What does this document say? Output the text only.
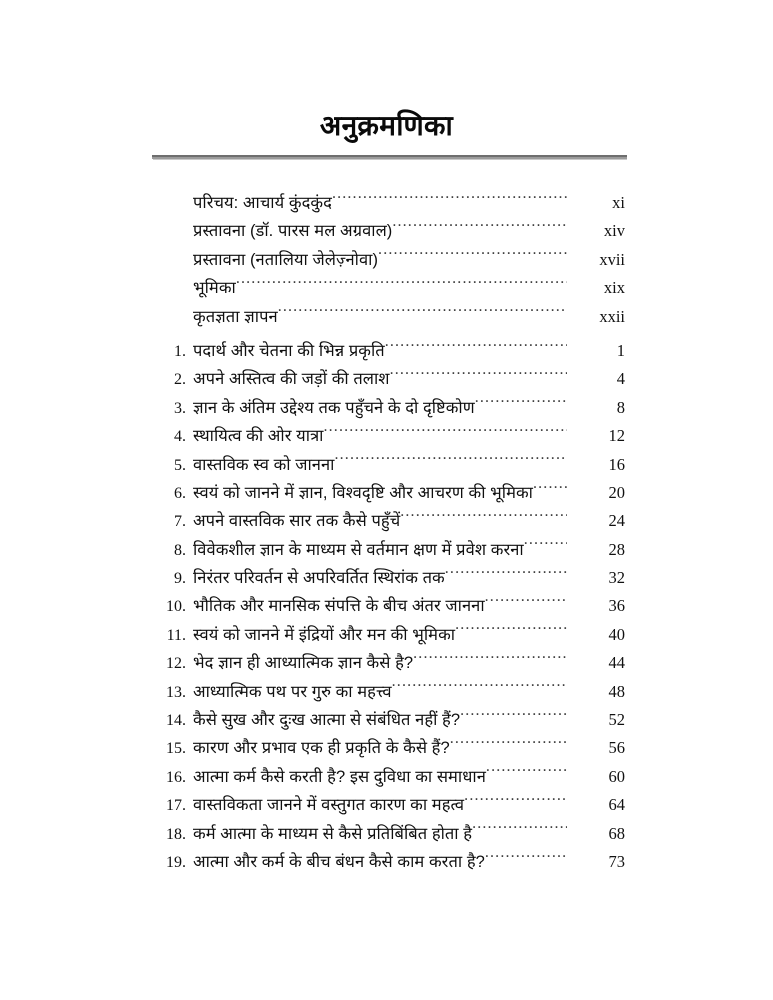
अनुक्रमणिका
परिचय: आचार्य कुंदकुंद .....	xi
प्रस्तावना (डॉ. पारस मल अग्रवाल) .....	xiv
प्रस्तावना (नतालिया जेलेज़्नोवा) .....	xvii
भूमिका .....	xix
कृतज्ञता ज्ञापन .....	xxii
1. पदार्थ और चेतना की भिन्न प्रकृति .....	1
2. अपने अस्तित्व की जड़ों की तलाश .....	4
3. ज्ञान के अंतिम उद्देश्य तक पहुँचने के दो दृष्टिकोण .....	8
4. स्थायित्व की ओर यात्रा .....	12
5. वास्तविक स्व को जानना .....	16
6. स्वयं को जानने में ज्ञान, विश्वदृष्टि और आचरण की भूमिका .....	20
7. अपने वास्तविक सार तक कैसे पहुँचें .....	24
8. विवेकशील ज्ञान के माध्यम से वर्तमान क्षण में प्रवेश करना .....	28
9. निरंतर परिवर्तन से अपरिवर्तित स्थिरांक तक .....	32
10. भौतिक और मानसिक संपत्ति के बीच अंतर जानना .....	36
11. स्वयं को जानने में इंद्रियों और मन की भूमिका .....	40
12. भेद ज्ञान ही आध्यात्मिक ज्ञान कैसे है? .....	44
13. आध्यात्मिक पथ पर गुरु का महत्त्व .....	48
14. कैसे सुख और दुःख आत्मा से संबंधित नहीं हैं? .....	52
15. कारण और प्रभाव एक ही प्रकृति के कैसे हैं? .....	56
16. आत्मा कर्म कैसे करती है? इस दुविधा का समाधान .....	60
17. वास्तविकता जानने में वस्तुगत कारण का महत्व .....	64
18. कर्म आत्मा के माध्यम से कैसे प्रतिबिंबित होता है .....	68
19. आत्मा और कर्म के बीच बंधन कैसे काम करता है? .....	73
